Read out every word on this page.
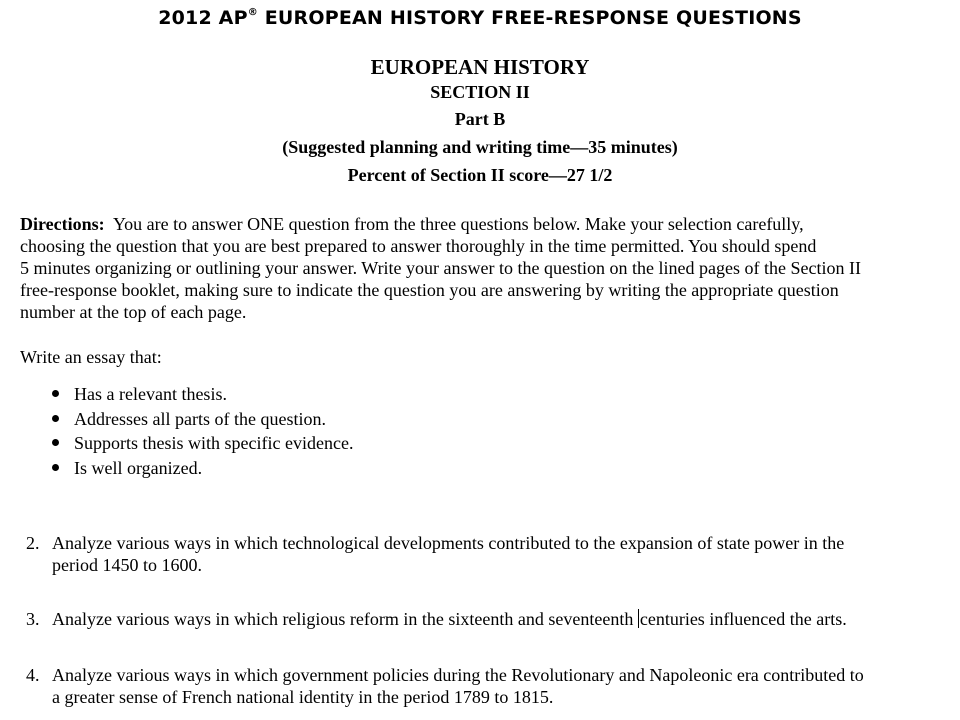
2012 AP® EUROPEAN HISTORY FREE-RESPONSE QUESTIONS
EUROPEAN HISTORY
SECTION II
Part B
(Suggested planning and writing time—35 minutes)
Percent of Section II score—27 1/2
Directions:  You are to answer ONE question from the three questions below. Make your selection carefully,
choosing the question that you are best prepared to answer thoroughly in the time permitted. You should spend
5 minutes organizing or outlining your answer. Write your answer to the question on the lined pages of the Section II
free-response booklet, making sure to indicate the question you are answering by writing the appropriate question
number at the top of each page.
Write an essay that:
Has a relevant thesis.
Addresses all parts of the question.
Supports thesis with specific evidence.
Is well organized.
2. Analyze various ways in which technological developments contributed to the expansion of state power in the
period 1450 to 1600.
3. Analyze various ways in which religious reform in the sixteenth and seventeenth centuries influenced the arts.
4. Analyze various ways in which government policies during the Revolutionary and Napoleonic era contributed to
a greater sense of French national identity in the period 1789 to 1815.
